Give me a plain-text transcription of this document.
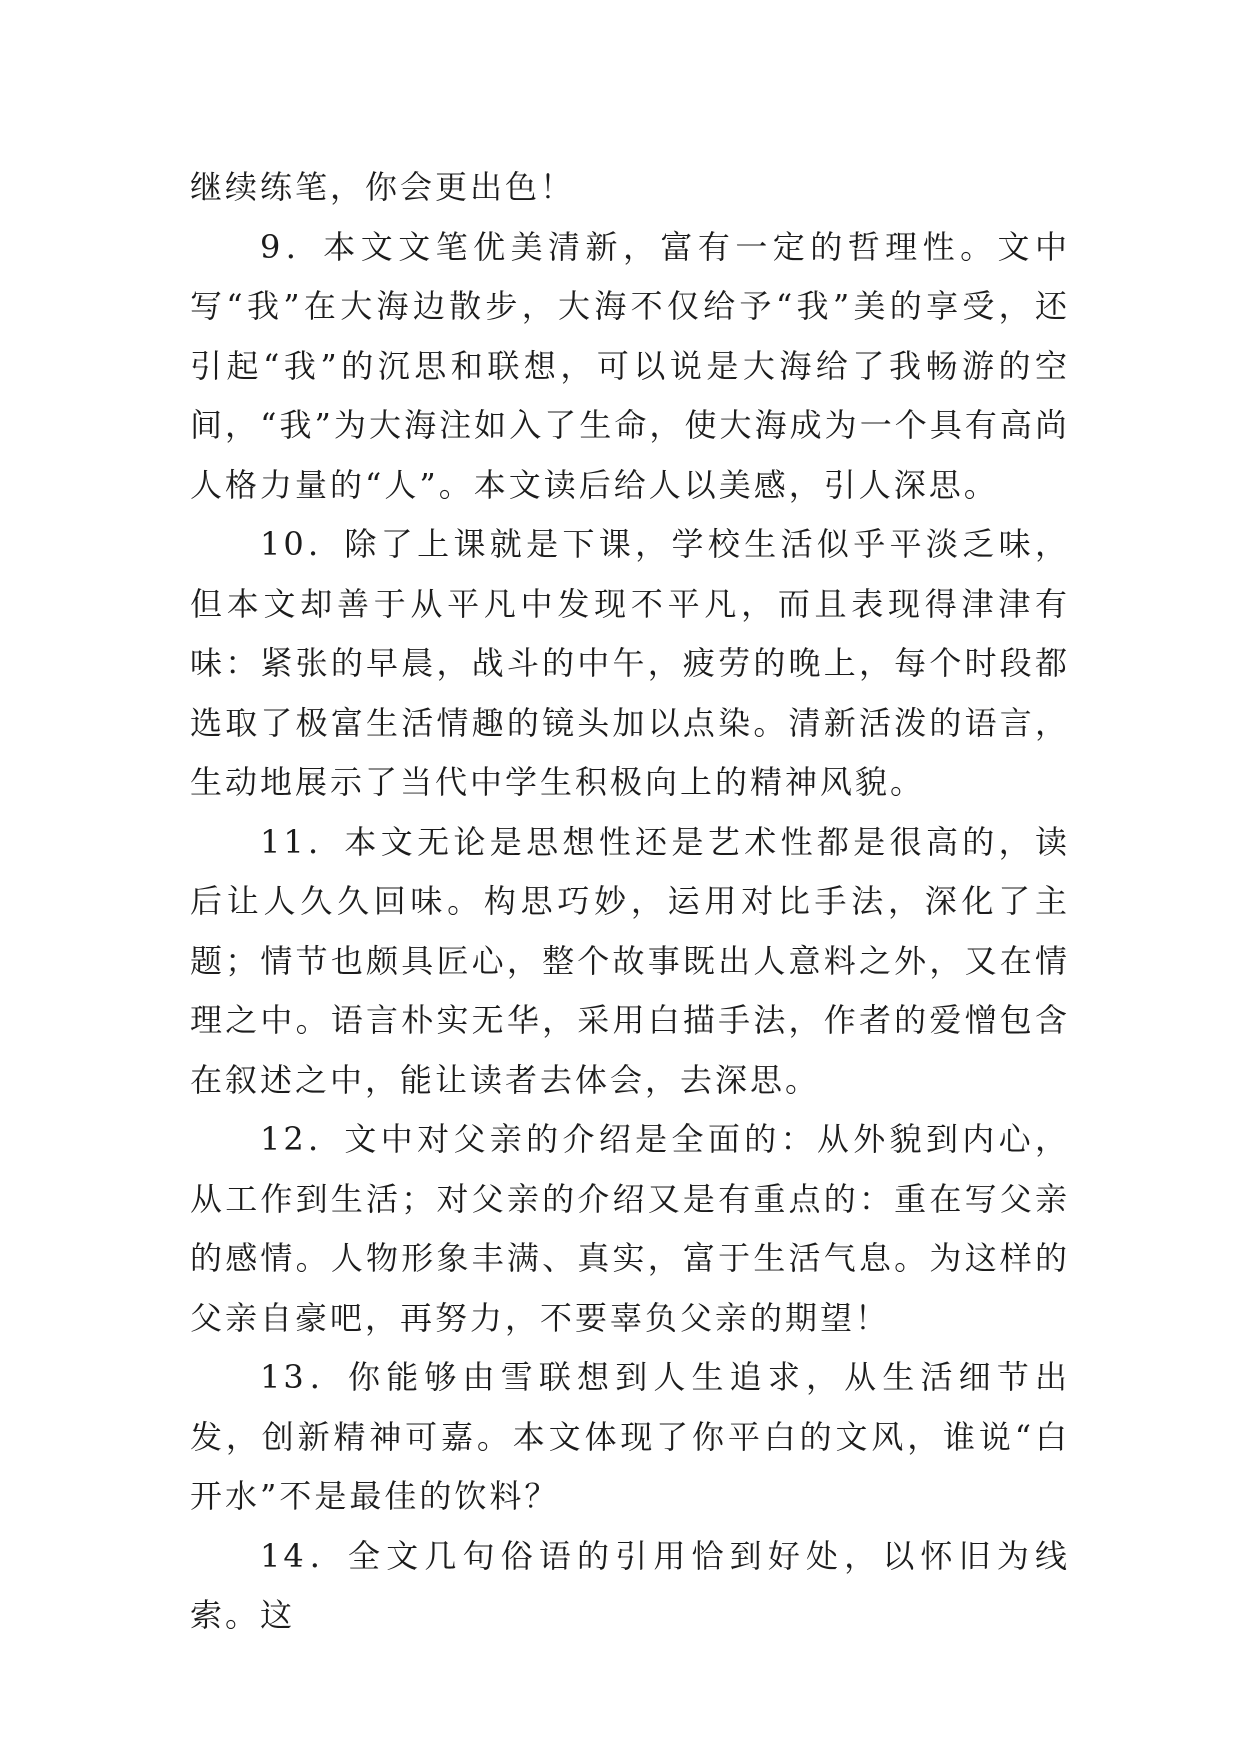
继续练笔，你会更出色！

9．本文文笔优美清新，富有一定的哲理性。文中写“我”在大海边散步，大海不仅给予“我”美的享受，还引起“我”的沉思和联想，可以说是大海给了我畅游的空间，“我”为大海注如入了生命，使大海成为一个具有高尚人格力量的“人”。本文读后给人以美感，引人深思。

10．除了上课就是下课，学校生活似乎平淡乏味，但本文却善于从平凡中发现不平凡，而且表现得津津有味：紧张的早晨，战斗的中午，疲劳的晚上，每个时段都选取了极富生活情趣的镜头加以点染。清新活泼的语言，生动地展示了当代中学生积极向上的精神风貌。

11．本文无论是思想性还是艺术性都是很高的，读后让人久久回味。构思巧妙，运用对比手法，深化了主题；情节也颇具匠心，整个故事既出人意料之外，又在情理之中。语言朴实无华，采用白描手法，作者的爱憎包含在叙述之中，能让读者去体会，去深思。

12．文中对父亲的介绍是全面的：从外貌到内心，从工作到生活；对父亲的介绍又是有重点的：重在写父亲的感情。人物形象丰满、真实，富于生活气息。为这样的父亲自豪吧，再努力，不要辜负父亲的期望！

13．你能够由雪联想到人生追求，从生活细节出发，创新精神可嘉。本文体现了你平白的文风，谁说“白开水”不是最佳的饮料？

14．全文几句俗语的引用恰到好处，以怀旧为线索。这
